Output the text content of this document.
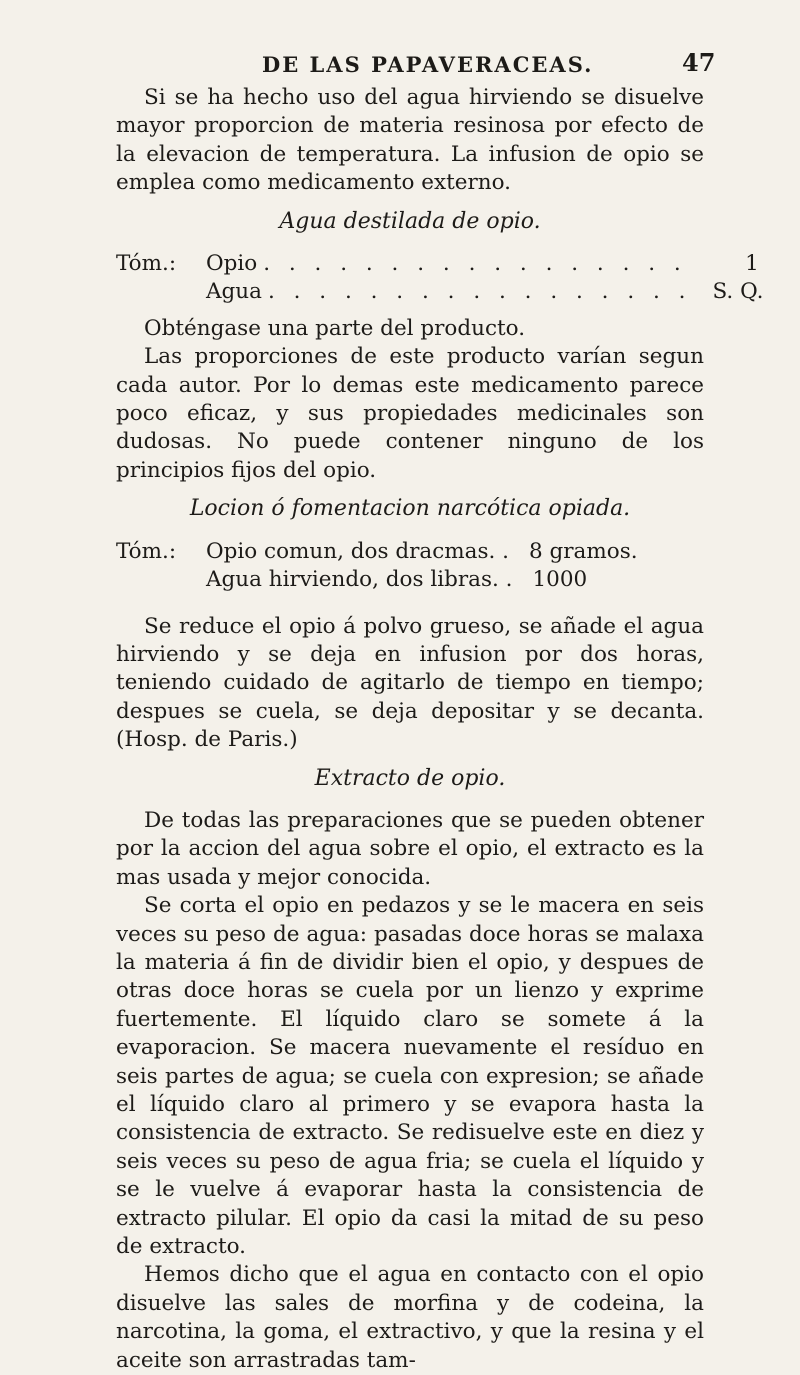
DE LAS PAPAVERACEAS.	47

Si se ha hecho uso del agua hirviendo se disuelve mayor proporcion de materia resinosa por efecto de la elevacion de temperatura. La infusion de opio se emplea como medicamento externo.

Agua destilada de opio.

Tóm.:	Opio . . . . . . . . . . . . . . . . .	1
Agua . . . . . . . . . . . . . . . . . S. Q.

Obténgase una parte del producto.

Las proporciones de este producto varían segun cada autor. Por lo demas este medicamento parece poco eficaz, y sus propiedades medicinales son dudosas. No puede contener ninguno de los principios fijos del opio.

Locion ó fomentacion narcótica opiada.

Tóm.:	Opio comun, dos dracmas. . 8 gramos.
Agua hirviendo, dos libras. . 1000

Se reduce el opio á polvo grueso, se añade el agua hirviendo y se deja en infusion por dos horas, teniendo cuidado de agitarlo de tiempo en tiempo; despues se cuela, se deja depositar y se decanta. (Hosp. de Paris.)

Extracto de opio.

De todas las preparaciones que se pueden obtener por la accion del agua sobre el opio, el extracto es la mas usada y mejor conocida.

Se corta el opio en pedazos y se le macera en seis veces su peso de agua: pasadas doce horas se malaxa la materia á fin de dividir bien el opio, y despues de otras doce horas se cuela por un lienzo y exprime fuertemente. El líquido claro se somete á la evaporacion. Se macera nuevamente el resíduo en seis partes de agua; se cuela con expresion; se añade el líquido claro al primero y se evapora hasta la consistencia de extracto. Se redisuelve este en diez y seis veces su peso de agua fria; se cuela el líquido y se le vuelve á evaporar hasta la consistencia de extracto pilular. El opio da casi la mitad de su peso de extracto.

Hemos dicho que el agua en contacto con el opio disuelve las sales de morfina y de codeina, la narcotina, la goma, el extractivo, y que la resina y el aceite son arrastradas tam-
